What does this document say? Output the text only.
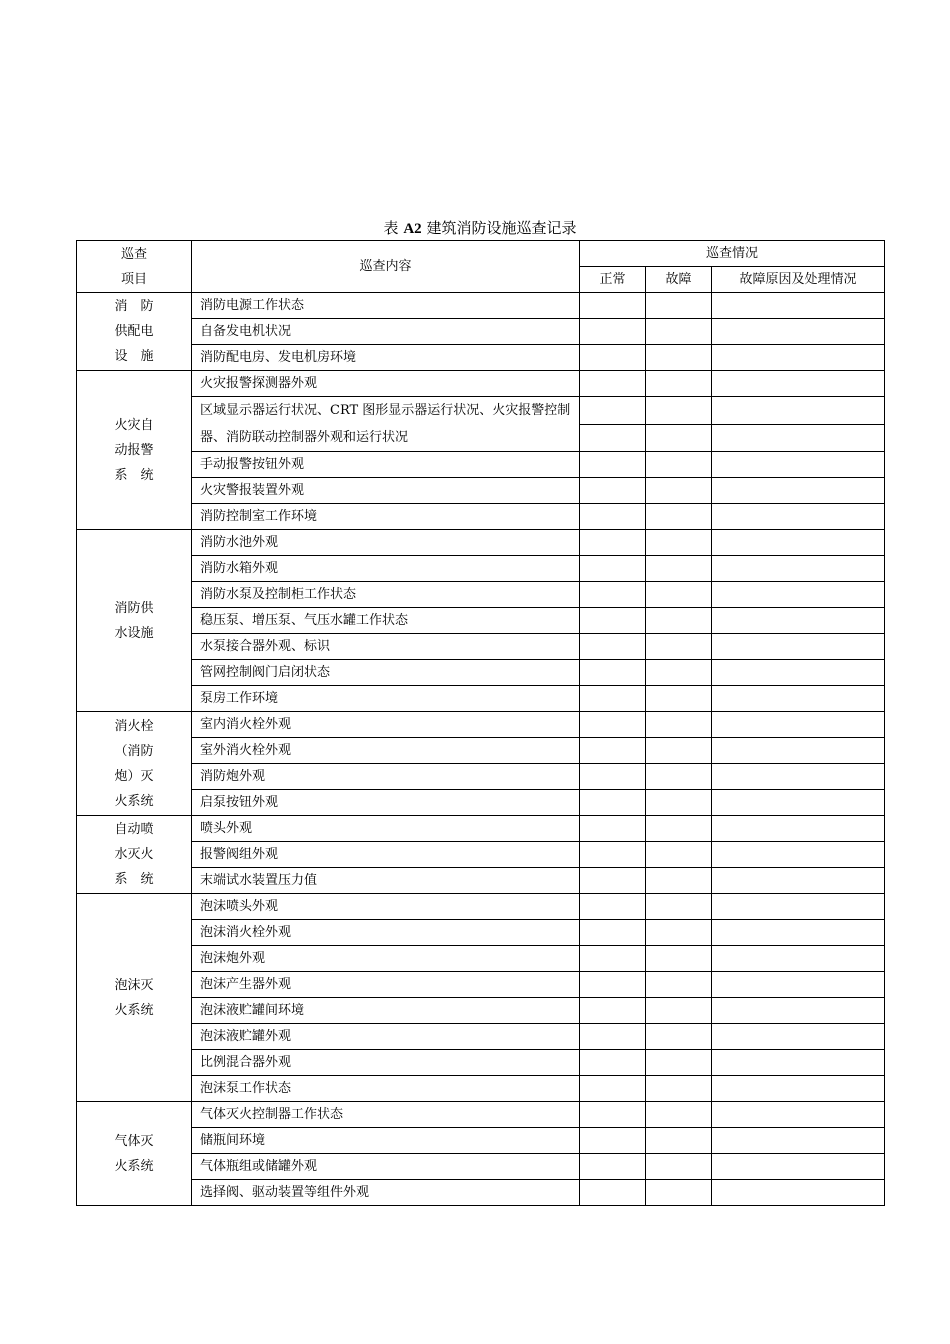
表 A2 建筑消防设施巡查记录
巡查
项目	巡查内容	巡查情况		
		正常	故障	故障原因及处理情况

消　防
供配电
设　施	消防电源工作状态			
	自备发电机状况			
	消防配电房、发电机房环境			

火灾自
动报警
系　统	火灾报警探测器外观			
	区域显示器运行状况、CRT 图形显示器运行状况、火灾报警控制器、消防联动控制器外观和运行状况			

	手动报警按钮外观			
	火灾警报装置外观			
	消防控制室工作环境			

消防供
水设施	消防水池外观			
	消防水箱外观			
	消防水泵及控制柜工作状态			
	稳压泵、增压泵、气压水罐工作状态			
	水泵接合器外观、标识			
	管网控制阀门启闭状态			
	泵房工作环境			

消火栓
（消防
炮）灭
火系统	室内消火栓外观			
	室外消火栓外观			
	消防炮外观			
	启泵按钮外观			

自动喷
水灭火
系　统	喷头外观			
	报警阀组外观			
	末端试水装置压力值			

泡沫灭
火系统	泡沫喷头外观			
	泡沫消火栓外观			
	泡沫炮外观			
	泡沫产生器外观			
	泡沫液贮罐间环境			
	泡沫液贮罐外观			
	比例混合器外观			
	泡沫泵工作状态			

气体灭
火系统	气体灭火控制器工作状态			
	储瓶间环境			
	气体瓶组或储罐外观			
	选择阀、驱动装置等组件外观			
